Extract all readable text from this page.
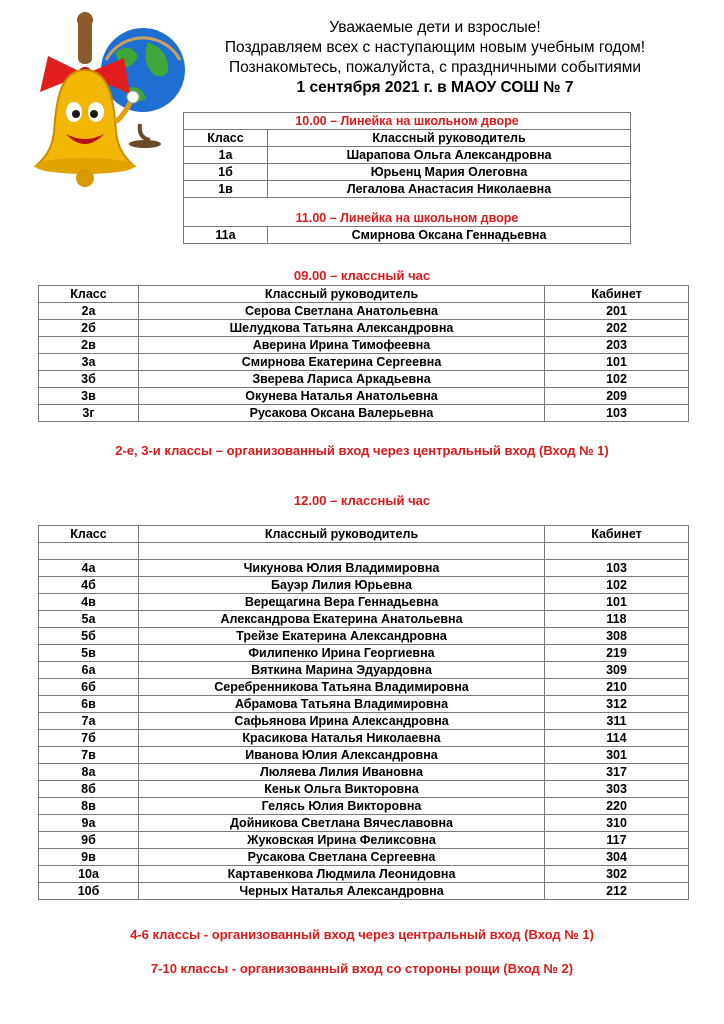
Уважаемые дети и взрослые!
Поздравляем всех с наступающим новым учебным годом!
Познакомьтесь, пожалуйста, с праздничными событиями
1 сентября 2021 г. в МАОУ СОШ № 7
10.00 – Линейка на школьном дворе	
Класс	Классный руководитель
1а	Шарапова Ольга Александровна
1б	Юрьенц Мария Олеговна
1в	Легалова Анастасия Николаевна

11.00 – Линейка на школьном дворе	
11а	Смирнова Оксана Геннадьевна
09.00 – классный час
Класс	Классный руководитель	Кабинет
2а	Серова Светлана Анатольевна	201
2б	Шелудкова Татьяна Александровна	202
2в	Аверина Ирина Тимофеевна	203
3а	Смирнова Екатерина Сергеевна	101
3б	Зверева Лариса Аркадьевна	102
3в	Окунева Наталья Анатольевна	209
3г	Русакова Оксана Валерьевна	103
2-е, 3-и классы – организованный вход через центральный вход (Вход № 1)
12.00 – классный час
Класс	Классный руководитель	Кабинет

4а	Чикунова Юлия Владимировна	103
4б	Бауэр Лилия Юрьевна	102
4в	Верещагина Вера Геннадьевна	101
5а	Александрова Екатерина Анатольевна	118
5б	Трейзе Екатерина Александровна	308
5в	Филипенко Ирина Георгиевна	219
6а	Вяткина Марина Эдуардовна	309
6б	Серебренникова Татьяна Владимировна	210
6в	Абрамова Татьяна Владимировна	312
7а	Сафьянова Ирина Александровна	311
7б	Красикова Наталья Николаевна	114
7в	Иванова Юлия Александровна	301
8а	Люляева Лилия Ивановна	317
8б	Кеньк Ольга Викторовна	303
8в	Гелясь Юлия Викторовна	220
9а	Дойникова Светлана Вячеславовна	310
9б	Жуковская Ирина Феликсовна	117
9в	Русакова Светлана Сергеевна	304
10а	Картавенкова Людмила Леонидовна	302
10б	Черных Наталья Александровна	212
4-6 классы - организованный вход через центральный вход (Вход № 1)
7-10 классы - организованный вход со стороны рощи (Вход № 2)
